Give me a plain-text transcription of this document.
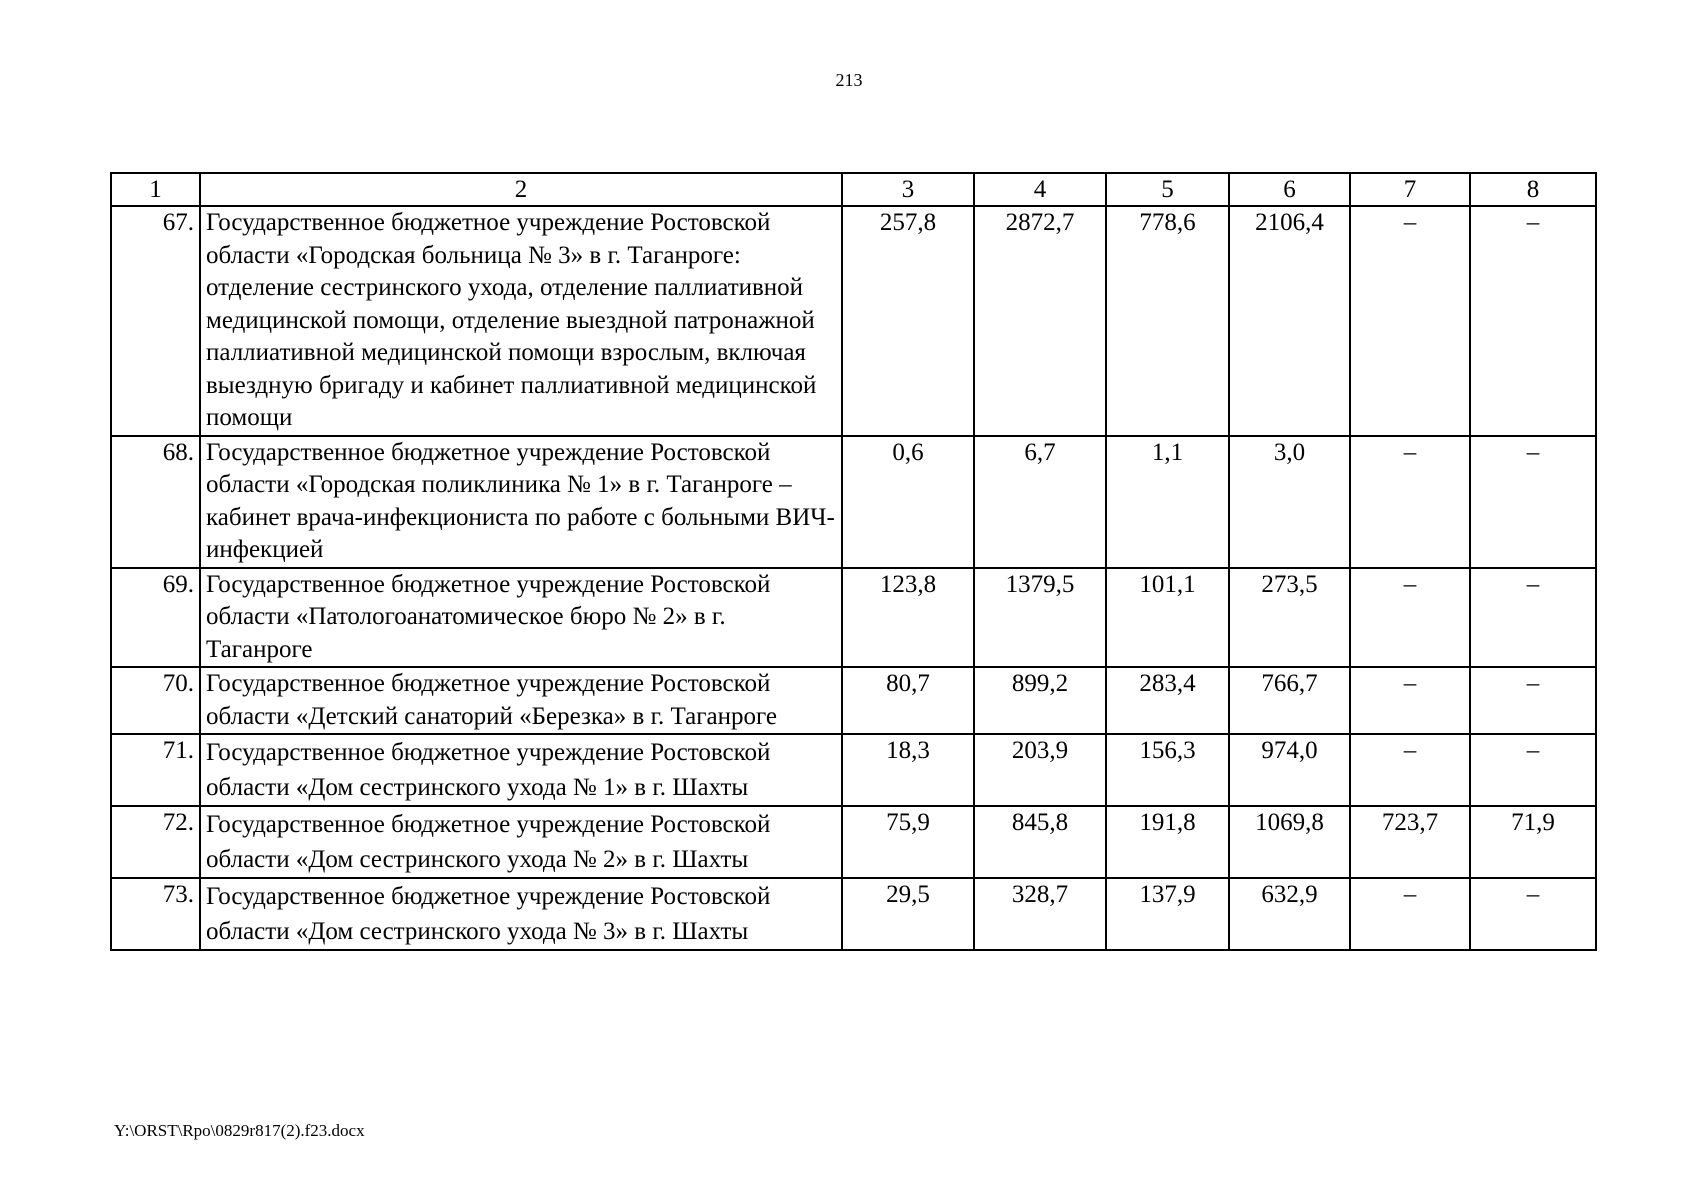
213
1	2	3	4	5	6	7	8
67.	Государственное бюджетное учреждение Ростовской области «Городская больница № 3» в г. Таганроге: отделение сестринского ухода, отделение паллиативной медицинской помощи, отделение выездной патронажной паллиативной медицинской помощи взрослым, включая выездную бригаду и кабинет паллиативной медицинской помощи	257,8	2872,7	778,6	2106,4	–	–
68.	Государственное бюджетное учреждение Ростовской области «Городская поликлиника № 1» в г. Таганроге – кабинет врача-инфекциониста по работе с больными ВИЧ-инфекцией	0,6	6,7	1,1	3,0	–	–
69.	Государственное бюджетное учреждение Ростовской области «Патологоанатомическое бюро № 2» в г. Таганроге	123,8	1379,5	101,1	273,5	–	–
70.	Государственное бюджетное учреждение Ростовской области «Детский санаторий «Березка» в г. Таганроге	80,7	899,2	283,4	766,7	–	–
71.	Государственное бюджетное учреждение Ростовской области «Дом сестринского ухода № 1» в г. Шахты	18,3	203,9	156,3	974,0	–	–
72.	Государственное бюджетное учреждение Ростовской области «Дом сестринского ухода № 2» в г. Шахты	75,9	845,8	191,8	1069,8	723,7	71,9
73.	Государственное бюджетное учреждение Ростовской области «Дом сестринского ухода № 3» в г. Шахты	29,5	328,7	137,9	632,9	–	–
Y:\ORST\Rpo\0829r817(2).f23.docx
